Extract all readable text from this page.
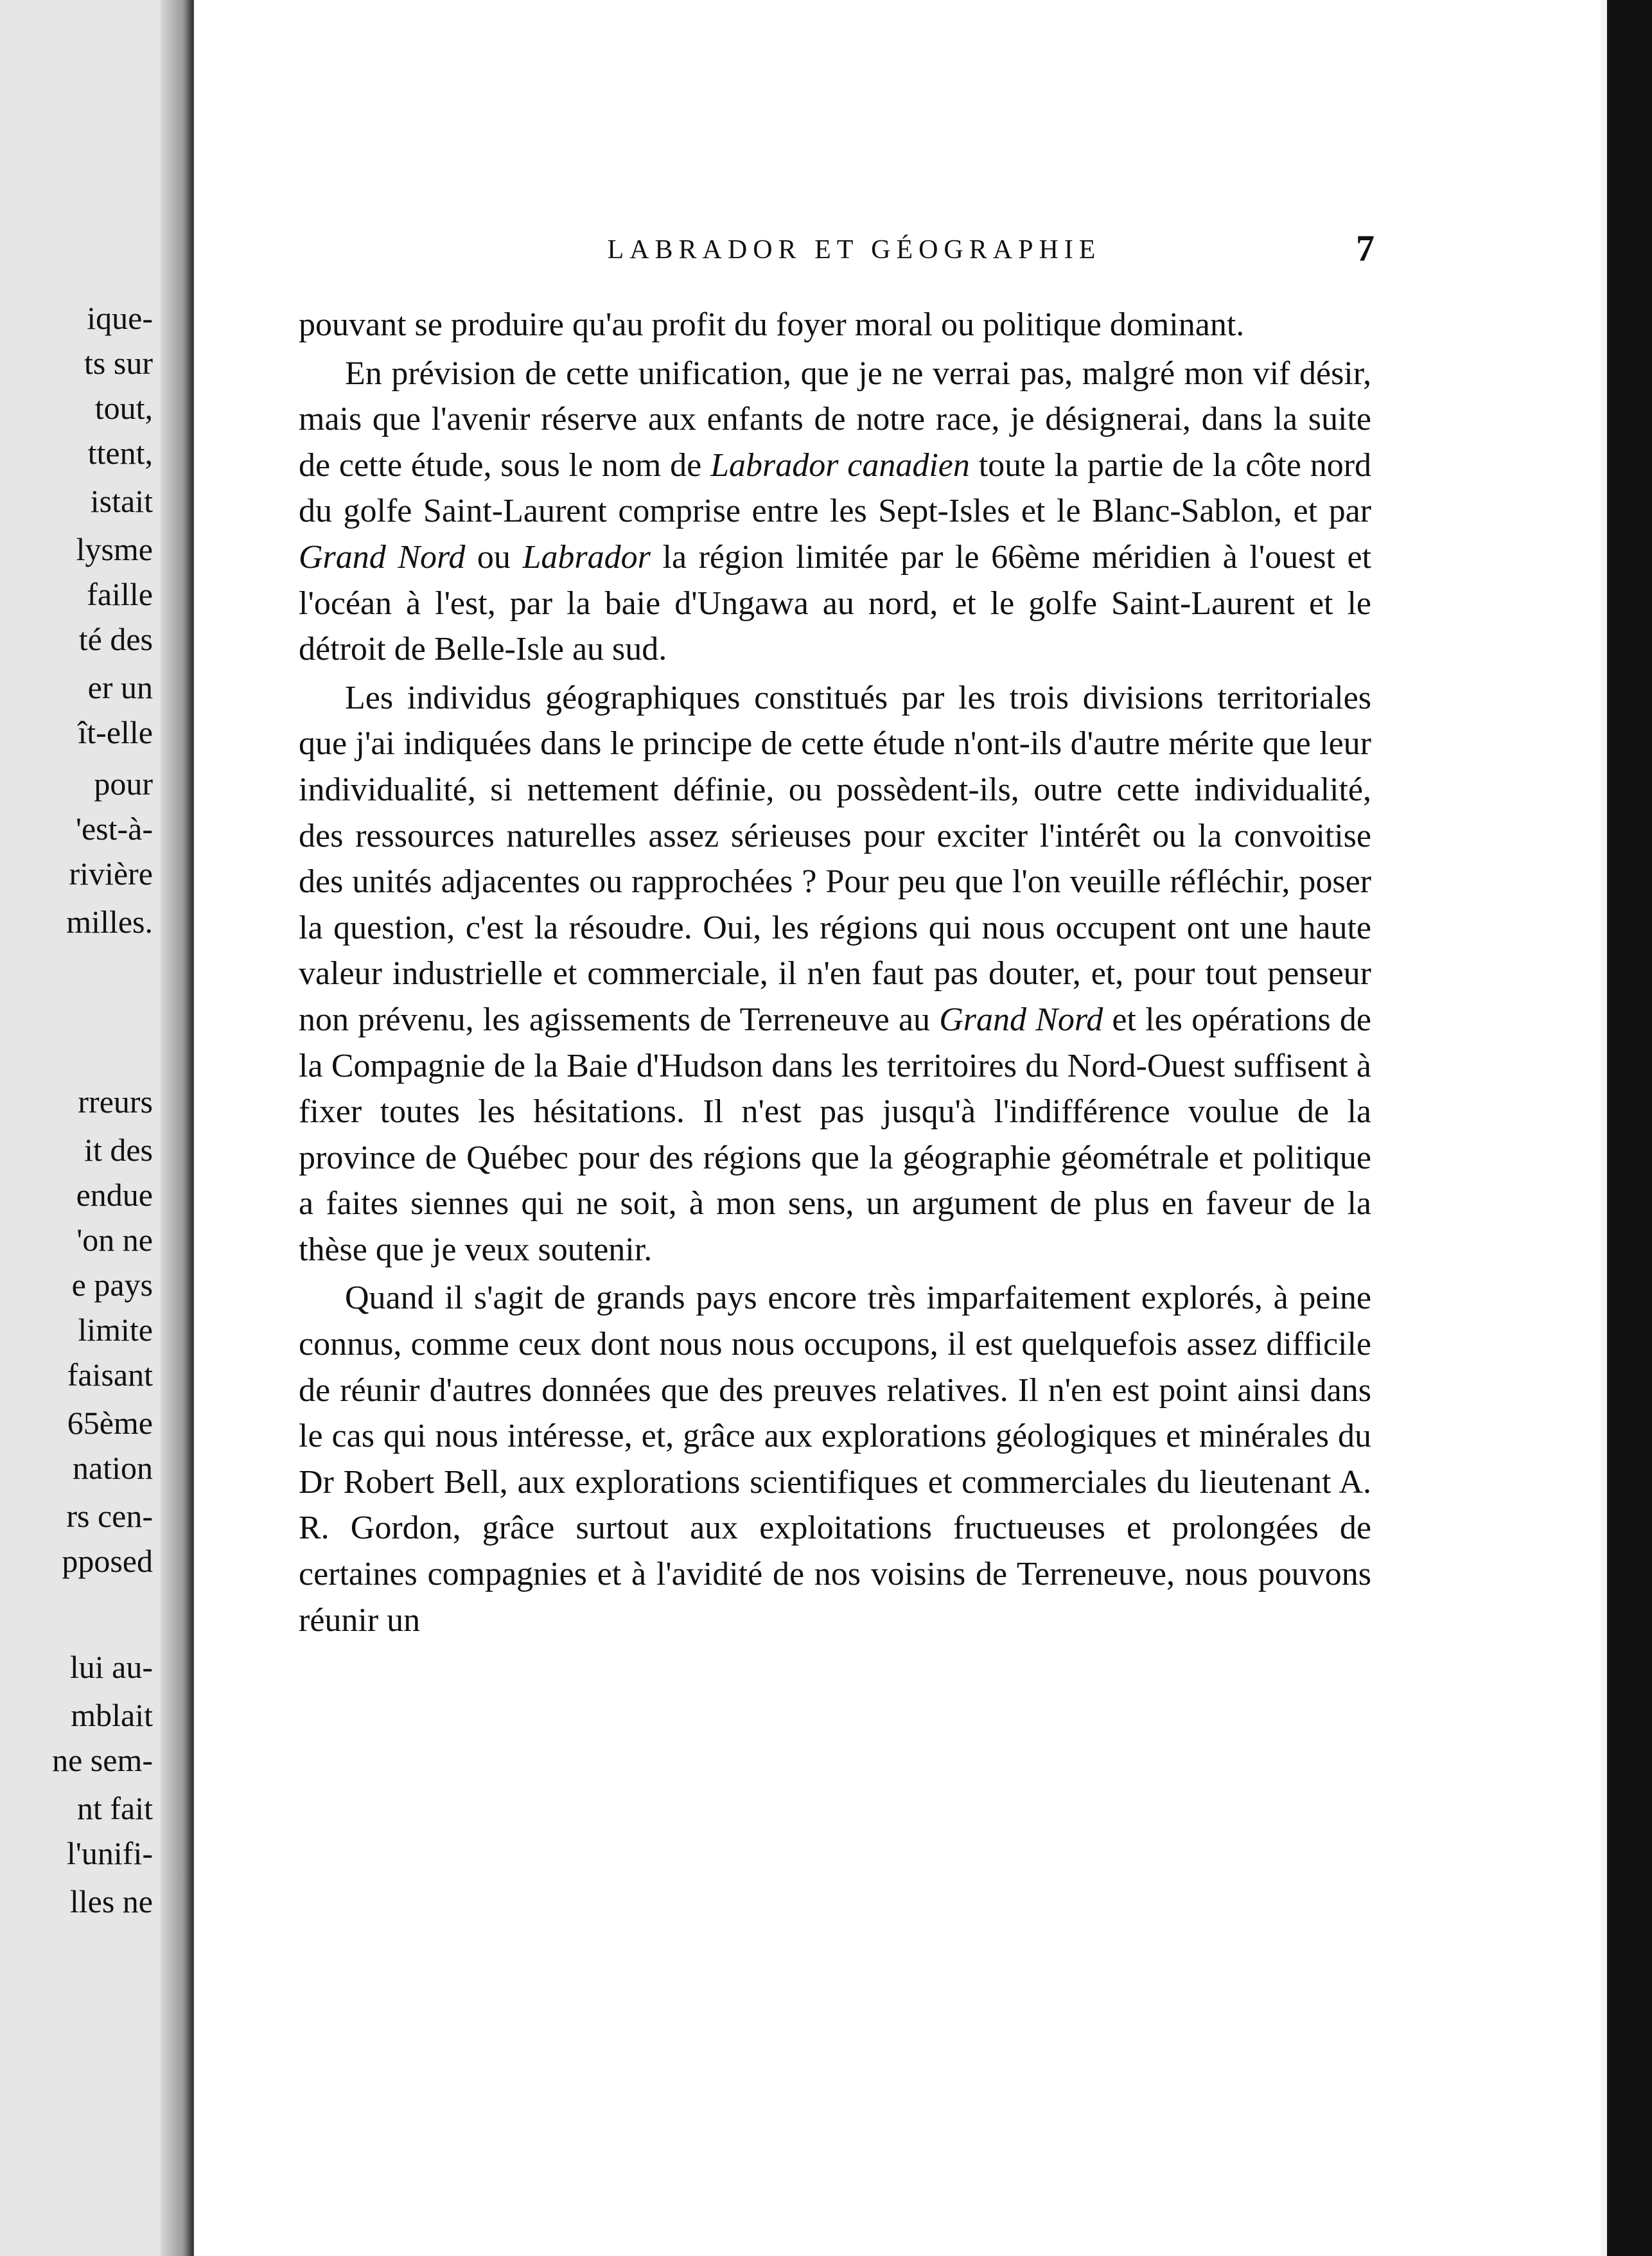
ique-
ts sur
tout,
ttent,
istait
lysme
faille
té des
er un
ît-elle
pour
'est-à-
rivière
milles.
rreurs
it des
endue
'on ne
e pays
limite
faisant
65ème
nation
rs cen-
pposed
lui au-
mblait
ne sem-
nt fait
l'unifi-
lles ne
LABRADOR ET GÉOGRAPHIE	7

pouvant se produire qu'au profit du foyer moral ou politique dominant.

En prévision de cette unification, que je ne verrai pas, malgré mon vif désir, mais que l'avenir réserve aux enfants de notre race, je désignerai, dans la suite de cette étude, sous le nom de Labrador canadien toute la partie de la côte nord du golfe Saint-Laurent comprise entre les Sept-Isles et le Blanc-Sablon, et par Grand Nord ou Labrador la région limitée par le 66ème méridien à l'ouest et l'océan à l'est, par la baie d'Ungawa au nord, et le golfe Saint-Laurent et le détroit de Belle-Isle au sud.

Les individus géographiques constitués par les trois divisions territoriales que j'ai indiquées dans le principe de cette étude n'ont-ils d'autre mérite que leur individualité, si nettement définie, ou possèdent-ils, outre cette individualité, des ressources naturelles assez sérieuses pour exciter l'intérêt ou la convoitise des unités adjacentes ou rapprochées ? Pour peu que l'on veuille réfléchir, poser la question, c'est la résoudre. Oui, les régions qui nous occupent ont une haute valeur industrielle et commerciale, il n'en faut pas douter, et, pour tout penseur non prévenu, les agissements de Terreneuve au Grand Nord et les opérations de la Compagnie de la Baie d'Hudson dans les territoires du Nord-Ouest suffisent à fixer toutes les hésitations. Il n'est pas jusqu'à l'indifférence voulue de la province de Québec pour des régions que la géographie géométrale et politique a faites siennes qui ne soit, à mon sens, un argument de plus en faveur de la thèse que je veux soutenir.

Quand il s'agit de grands pays encore très imparfaitement explorés, à peine connus, comme ceux dont nous nous occupons, il est quelquefois assez difficile de réunir d'autres données que des preuves relatives. Il n'en est point ainsi dans le cas qui nous intéresse, et, grâce aux explorations géologiques et minérales du Dr Robert Bell, aux explorations scientifiques et commerciales du lieutenant A. R. Gordon, grâce surtout aux exploitations fructueuses et prolongées de certaines compagnies et à l'avidité de nos voisins de Terreneuve, nous pouvons réunir un
